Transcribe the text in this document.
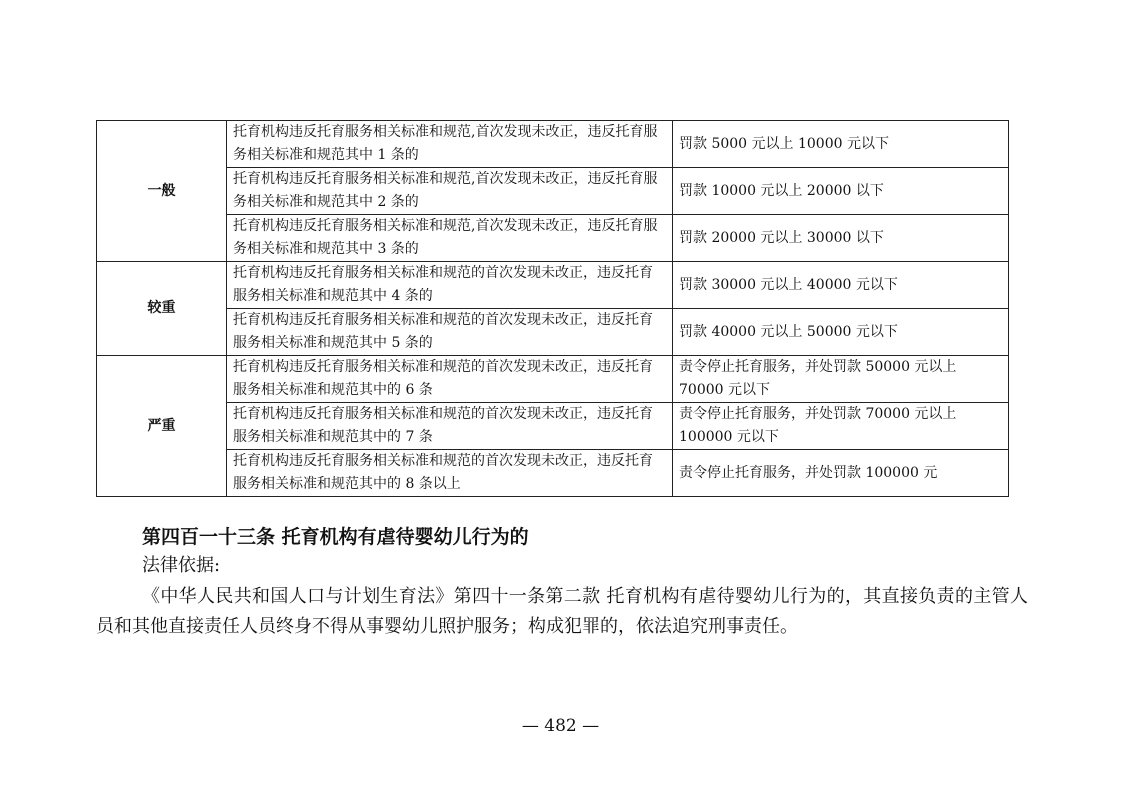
一般	托育机构违反托育服务相关标准和规范,首次发现未改正，违反托育服务相关标准和规范其中 1 条的	罚款 5000 元以上 10000 元以下
	托育机构违反托育服务相关标准和规范,首次发现未改正，违反托育服务相关标准和规范其中 2 条的	罚款 10000 元以上 20000 以下
	托育机构违反托育服务相关标准和规范,首次发现未改正，违反托育服务相关标准和规范其中 3 条的	罚款 20000 元以上 30000 以下
较重	托育机构违反托育服务相关标准和规范的首次发现未改正，违反托育服务相关标准和规范其中 4 条的	罚款 30000 元以上 40000 元以下
	托育机构违反托育服务相关标准和规范的首次发现未改正，违反托育服务相关标准和规范其中 5 条的	罚款 40000 元以上 50000 元以下
严重	托育机构违反托育服务相关标准和规范的首次发现未改正，违反托育服务相关标准和规范其中的 6 条	责令停止托育服务，并处罚款 50000 元以上 70000 元以下
	托育机构违反托育服务相关标准和规范的首次发现未改正，违反托育服务相关标准和规范其中的 7 条	责令停止托育服务，并处罚款 70000 元以上 100000 元以下
	托育机构违反托育服务相关标准和规范的首次发现未改正，违反托育服务相关标准和规范其中的 8 条以上	责令停止托育服务，并处罚款 100000 元
第四百一十三条 托育机构有虐待婴幼儿行为的

法律依据:

《中华人民共和国人口与计划生育法》第四十一条第二款 托育机构有虐待婴幼儿行为的，其直接负责的主管人员和其他直接责任人员终身不得从事婴幼儿照护服务；构成犯罪的，依法追究刑事责任。

— 482 —
